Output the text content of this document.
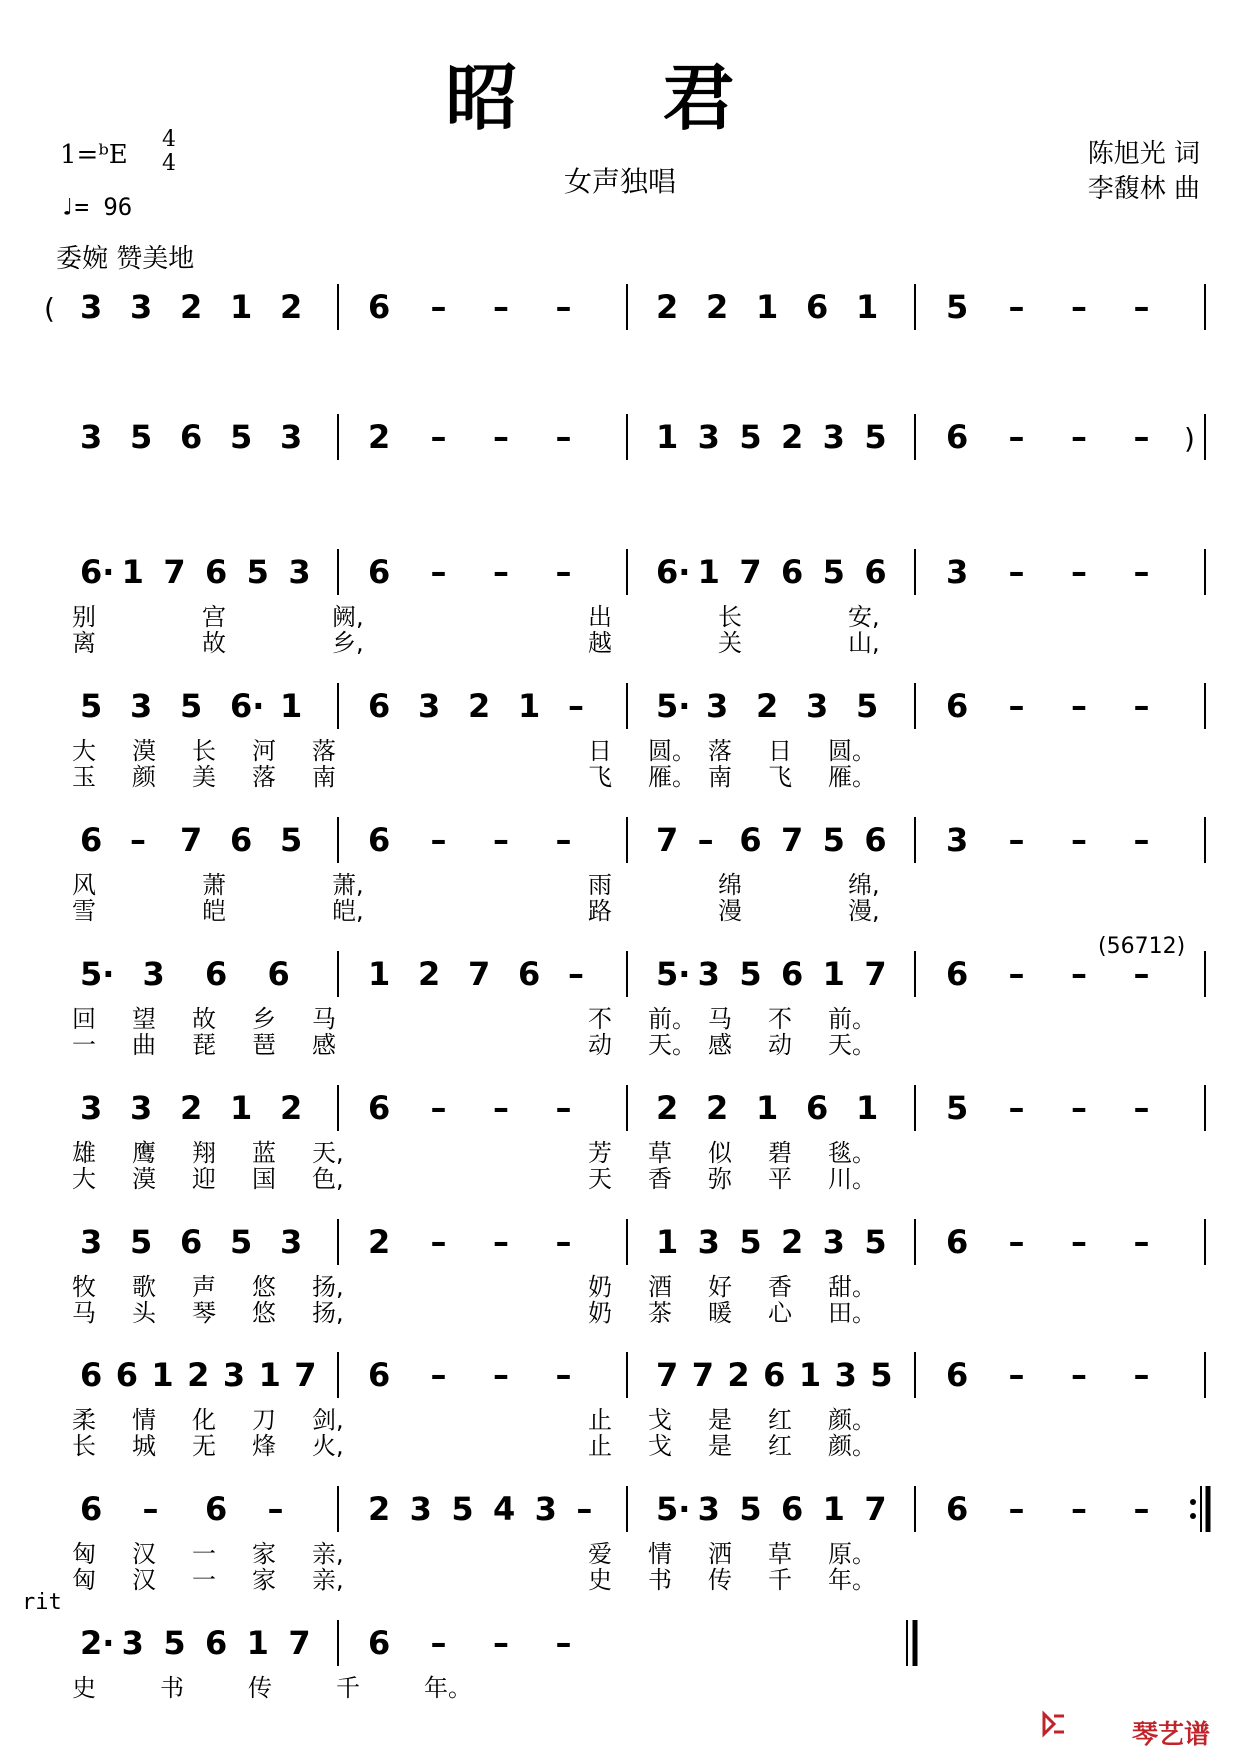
昭 君
女声独唱
1=ᵇE
4
4
♩= 96
委婉 赞美地
陈旭光 词
李馥林 曲
rit
(56712)
琴艺谱
3 3 2 1 2 6 – – –	2 2 1 6 1 5 – – –
3 5 6 5 3 2 – – –	1 3 5 2 3 5 6 – – –
6· 1 7 6 5 3 6 – – –	6· 1 7 6 5 6 3 – – –
别	宫	阙,	出	长	安,
离	故	乡,	越	关	山,
5 3 5 6· 1 6 3 2 1 – 5· 3 2 3 5 6 – – –
大 漠 长 河 落	日 圆。 落 日 圆。
玉 颜 美 落 南	飞 雁。 南 飞 雁。
6 – 7 6 5 6 – – –	7 – 6 7 5 6 3 – – –
风	萧	萧,	雨	绵	绵,
雪	皑	皑,	路	漫	漫,
5· 3 6 6 1 2 7 6 – 5· 3 5 6 1 7 6 – – –
回 望 故 乡 马	不 前。 马 不 前。
一 曲 琵 琶 感	动 天。 感 动 天。
3 3 2 1 2 6 – – –	2 2 1 6 1 5 – – –
雄 鹰 翔 蓝 天,	芳 草 似 碧 毯。
大 漠 迎 国 色,	天 香 弥 平 川。
3 5 6 5 3 2 – – –	1 3 5 2 3 5 6 – – –
牧 歌 声 悠 扬,	奶 酒 好 香 甜。
马 头 琴 悠 扬,	奶 茶 暖 心 田。
6 6 1 2 3 1 7 6 – – –	7 7 2 6 1 3 5 6 – – –
柔 情 化 刀 剑,	止 戈 是 红 颜。
长 城 无 烽 火,	止 戈 是 红 颜。
6 – 6 –	2 3 5 4 3 – 5· 3 5 6 1 7 6 – – –
匈 汉 一 家 亲,	爱 情 洒 草 原。
匈 汉 一 家 亲,	史 书 传 千 年。
2· 3 5 6 1 7 6 – – –
史	书	传	千	年。
(
)
